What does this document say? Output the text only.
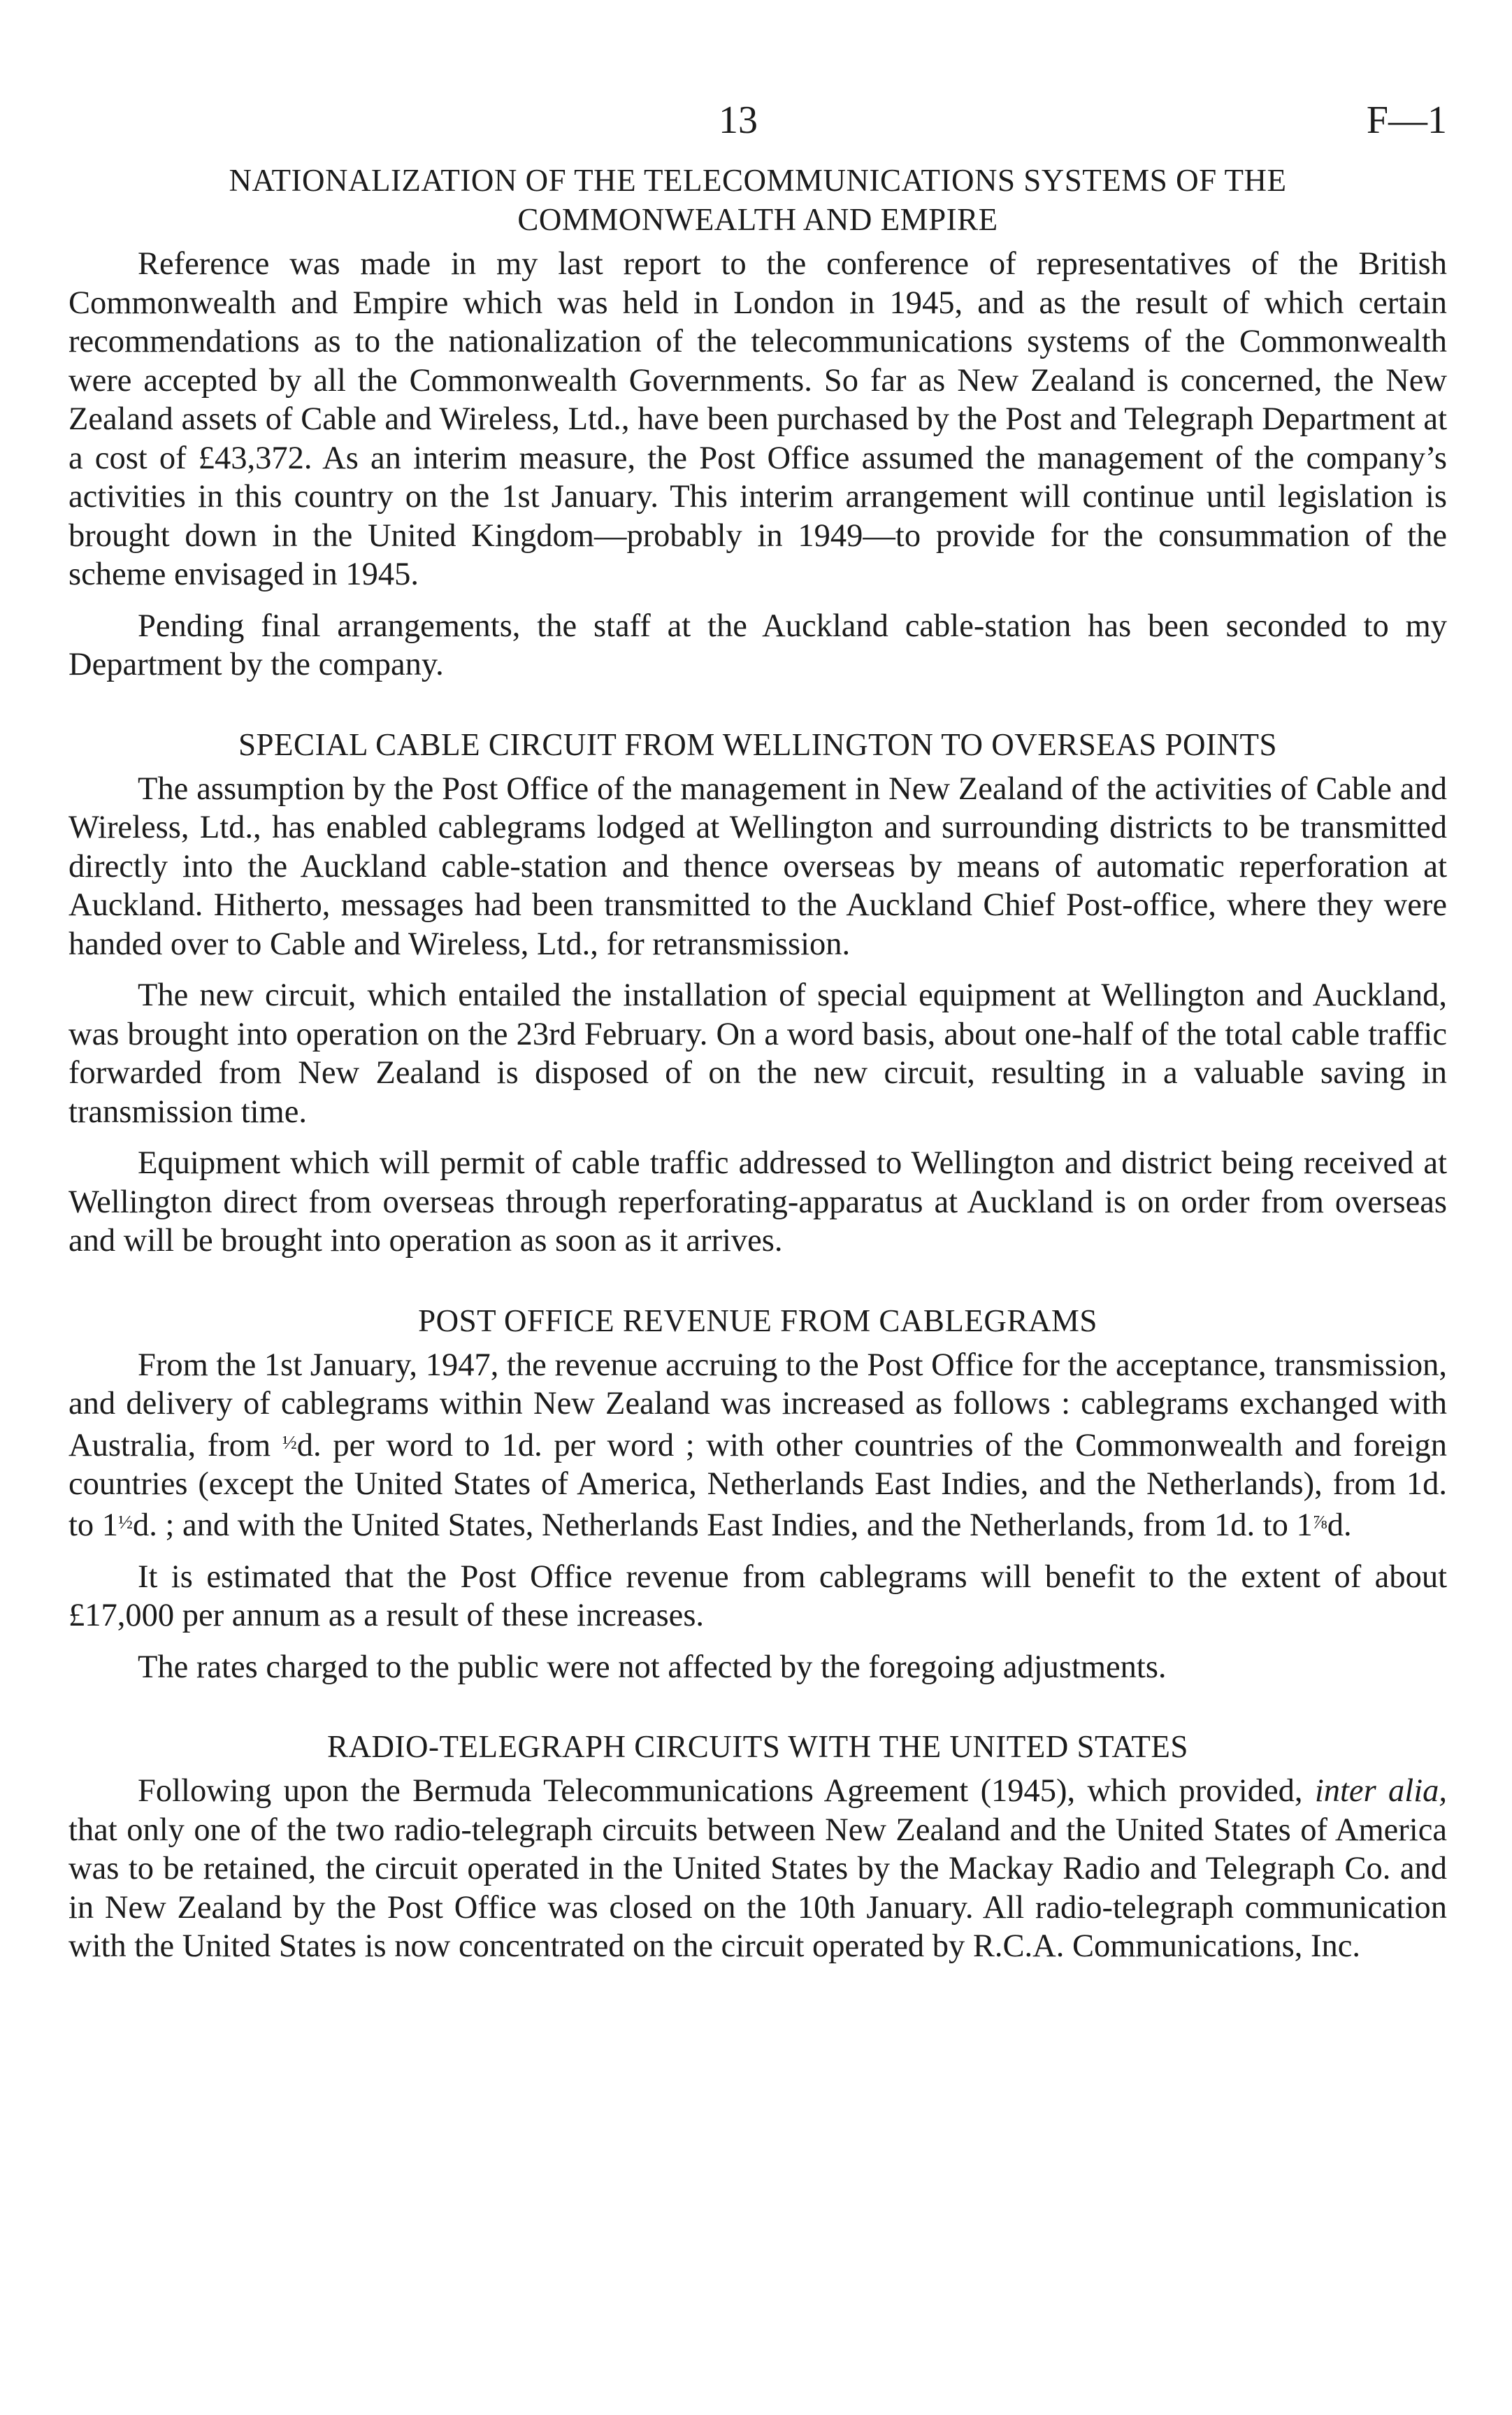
13	F—1
NATIONALIZATION OF THE TELECOMMUNICATIONS SYSTEMS OF THE
COMMONWEALTH AND EMPIRE

Reference was made in my last report to the conference of representatives of the British Commonwealth and Empire which was held in London in 1945, and as the result of which certain recommendations as to the nationalization of the telecommunications systems of the Commonwealth were accepted by all the Commonwealth Governments. So far as New Zealand is concerned, the New Zealand assets of Cable and Wireless, Ltd., have been purchased by the Post and Telegraph Department at a cost of £43,372. As an interim measure, the Post Office assumed the management of the company’s activities in this country on the 1st January. This interim arrangement will continue until legislation is brought down in the United Kingdom—probably in 1949—to provide for the consummation of the scheme envisaged in 1945.

Pending final arrangements, the staff at the Auckland cable-station has been seconded to my Department by the company.

SPECIAL CABLE CIRCUIT FROM WELLINGTON TO OVERSEAS POINTS

The assumption by the Post Office of the management in New Zealand of the activities of Cable and Wireless, Ltd., has enabled cablegrams lodged at Wellington and surrounding districts to be transmitted directly into the Auckland cable-station and thence overseas by means of automatic reperforation at Auckland. Hitherto, messages had been transmitted to the Auckland Chief Post-office, where they were handed over to Cable and Wireless, Ltd., for retransmission.

The new circuit, which entailed the installation of special equipment at Wellington and Auckland, was brought into operation on the 23rd February. On a word basis, about one-half of the total cable traffic forwarded from New Zealand is disposed of on the new circuit, resulting in a valuable saving in transmission time.

Equipment which will permit of cable traffic addressed to Wellington and district being received at Wellington direct from overseas through reperforating-apparatus at Auckland is on order from overseas and will be brought into operation as soon as it arrives.

POST OFFICE REVENUE FROM CABLEGRAMS

From the 1st January, 1947, the revenue accruing to the Post Office for the acceptance, transmission, and delivery of cablegrams within New Zealand was increased as follows : cablegrams exchanged with Australia, from $^{\frac{1}{2}}$d. per word to 1d. per word ; with other countries of the Commonwealth and foreign countries (except the United States of America, Netherlands East Indies, and the Netherlands), from 1d. to $1^{\frac{1}{2}}d$. ; and with the United States, Netherlands East Indies, and the Netherlands, from 1d. to $1^{\frac{7}{8}}d$.

It is estimated that the Post Office revenue from cablegrams will benefit to the extent of about £17,000 per annum as a result of these increases.

The rates charged to the public were not affected by the foregoing adjustments.

RADIO-TELEGRAPH CIRCUITS WITH THE UNITED STATES

Following upon the Bermuda Telecommunications Agreement (1945), which provided, inter alia, that only one of the two radio-telegraph circuits between New Zealand and the United States of America was to be retained, the circuit operated in the United States by the Mackay Radio and Telegraph Co. and in New Zealand by the Post Office was closed on the 10th January. All radio-telegraph communication with the United States is now concentrated on the circuit operated by R.C.A. Communications, Inc.
